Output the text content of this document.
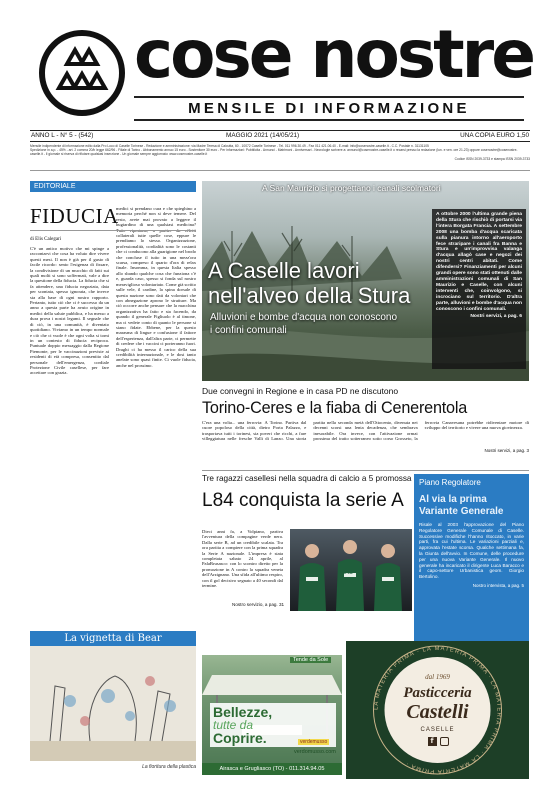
cose nostre
MENSILE DI INFORMAZIONE
ANNO L - N° 5 - (542)	MAGGIO 2021 (14/05/21)	UNA COPIA EURO 1,50
Mensile indipendente di informazione edito dalla Pro Loco di Caselle Torinese - Redazione e amministrazione: via Madre Teresa di Calcutta, 60 - 10072 Caselle Torinese - Tel. 011 996.30.49 - Fax 011 421.06.40 - E-mail: info@cosenostre-caselle.it - C.C. Postale n. 31131105
Spedizione in a.p. - 45% - art. 2 comma 20/b legge 662/96 - Filiale di Torino - Abbonamento annuo 15 euro - Sostenitore 30 euro - Per informazioni: Pubblicita - Annunci - Matrimoni - Anniversari - Necrologie scrivere a: annunci@cosenostre-caselle.it o recarsi presso la redazione (lun. e ven. ore 21-23) oppure cosenostre@cosenostre-caselle.it - Il giornale si riserva di rifiutare qualsiasi inserzione - Un giornale sempre aggiornato: www.cosenostre-caselle.it
Codice ISSN 2039-3733 e stampa ISSN 2039-3733
EDITORIALE
FIDUCIA
di Elis Calegari
C'è un antico motivo che mi spinge a raccontarvi che cosa ha voluto dire vivere questi mesi. Il non è già per il gusto di facile ricordo: sento l'esigenza di fissare, la condivisione di un mucchio di fatti sui quali molti si sono soffermati, vale a dire la questione della fiducia. La fiducia che si fa attendere, una fiducia negoziata, data per scontata, spesso ignorata, che invece sta alla base di ogni nostro rapporto. Pertanto, tutto ciò che ci è successo da un anno a questa parte ha avuto origine in medici della salute pubblica, e ha messo a dura prova i nostri legami. Il segnale che di ciò, in una comunità, è diventato quotidiano. Viviamo in un tempo normale e ciò che ci vuole è che ogni volta si torni in un contesto di fiducia reciproca. Puntuale doppio messaggio dalla Regione Piemonte, per le vaccinazioni previste ai residenti di età compresa, consentito dal personale dell'emergenza, cordiale Protezione Civile casellese, per fare accettare con grazia.
medici si prendano cura e che spieghino a memoria perché non si deve temere. Del resto, avete mai provato a leggere il bugiardino di una qualsiasi medicina? collaterali tutte quelle cose, eppure le prendiamo lo stesso. Organizzazione, professionalità, cordialità sono le costanti che ci conducono alla guarigione nel brodo che concluse il tutto in una mezz'ora scarsa, compreso il quarto d'ora di relax finale. Insomma, in questa Italia spesso allo sbando qualche cosa che funziona c'è e, guarda caso, spesso si fonda sul nostro meraviglioso volontariato. Come già scritto sulle vele, il cardine, la spina dorsale di questa nazione sono dati da volontari che con abnegazione aprono le strutture. Ma ciò occorre anche pensare che la macchina organizzativa ha fatto e sta facendo, da quando il generale Figliuolo è al timone, ma ci vedete conto di quanto le persone si siano fidate. Ebbene, per la questo marasma di lingue e confusione il fattore dell'esperienza, dall'altra parte, ci permette di credere che i vaccini ci porteranno fuori. Draghi ci ha messo il carico della sua credibilità internazionale, e le dosi tanto anelate sono quasi finite. Ci vuole fiducia, anche nel prossimo.
A San Maurizio si progettano i canali scolmatori
A Caselle lavori nell'alveo della Stura
Alluvioni e bombe d'acqua non conoscono i confini comunali
A ottobre 2000 l'ultima grande piena della Stura che rischiò di portarsi via l'intera Borgata Francia. A settembre 2008 una bomba d'acqua scaricata sulla pianura intorno all'aeroporto fece straripare i canali fra Banna e Stura e un'improvvisa valanga d'acqua allagò case e negozi dei nostri centri abitati. Come difendersi? Finanziamenti per alcuni grandi opere sono stati ottenuti dalle amministrazioni comunali di San Maurizio e Caselle, con alcuni interventi che, coinvolgono, si incrociano sul territorio. D'altra parte, alluvioni e bombe d'acqua non conoscono i confini comunali.
Nostri servizi, a pag. 6
Due convegni in Regione e in casa PD ne discutono
Torino-Ceres e la fiaba di Cenerentola
C'era una volta... una ferrovia: A Torino. Partiva dal cuore popoloso della città, dietro Porta Palazzo, e trasportava tutti i torinesi, sia poveri che ricchi, a fare villeggiatura nelle fresche Valli di Lanzo. Una storia partita nella seconda metà dell'Ottocento, divenuta nei decenni scorsi una lenta decadenza, che sembrava inesorabile. Ora invece, con l'attivazione ormai prossima del tratto sotterraneo sotto corso Grosseto, la ferrovia Canavesana potrebbe ridiventare motore di sviluppo del territorio e vivere una nuova giovinezza.
Nostri servizi, a pag. 3
Tre ragazzi casellesi nella squadra di calcio a 5 promossa
L84 conquista la serie A
Dieci anni fa, a Volpiano, partiva l'avventura della compagine verde nera. Dalla serie B, ad un credibile scalata. Tra ora partita a compiere con la prima squadra la Serie A nazionale. L'impresa è stata completata sabato 24 aprile, al PalaBrusasco: con lo scontro diretto per la promozione in A contro la squadra veneta dell'Arzignano. Una sfida all'ultimo respiro, con il gol decisivo segnato a 40 secondi dal termine.
Nostro servizio, a pag. 31
SPEA
Piano Regolatore
Al via la prima Variante Generale
Risale al 2003 l'approvazione del Piano Regolatore Generale Comunale di Caselle. Successive modifiche l'hanno ritoccato, in varie parti, fra cui l'ultima. Le variazioni parziali e, approvata l'estate scorsa. Qualche settimana fa, la Giunta dell'avvio. In Comune, delle procedure per una nuova Variante Generale. Il nuovo generale ha incaricato il dirigente Luca Baracco e il capo-settore Urbanistica geom. Giorgio Bertolino.
Nostro intervista, a pag. 5
La vignetta di Bear
La fioritura della plastica
Tende da Sole
Bellezze,
tutte da
Coprire.	verdemusso
verdomusso.com
Airasca e Grugliasco (TO) - 011.314.94.05
LA MATERIA PRIMA · LA MATERIA PRIMA · LA MATERIA PRIMA · LA MATERIA PRIMA ·
dal 1969
Pasticceria
Castelli
CASELLE
f
